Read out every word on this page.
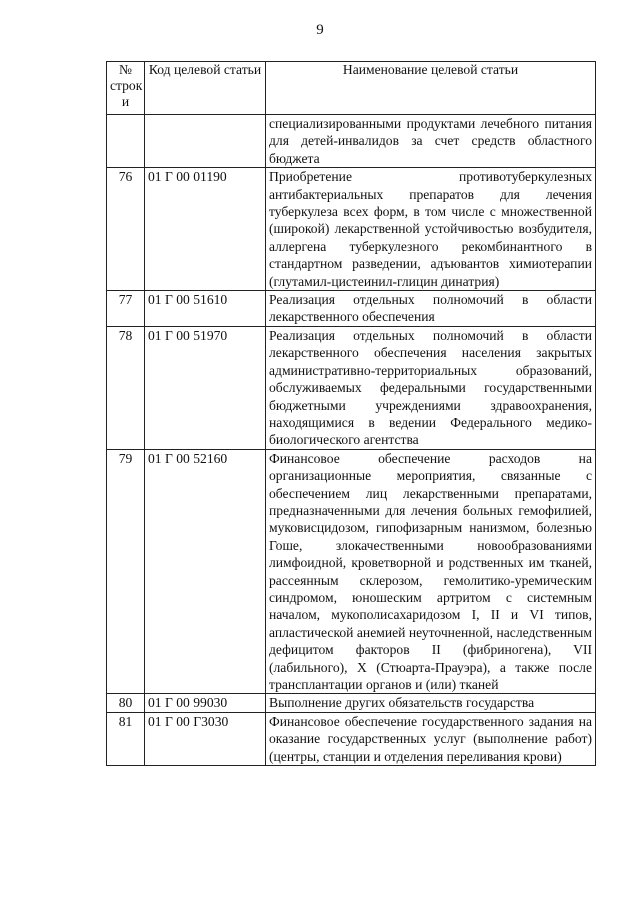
9
№ строк и	Код целевой статьи	Наименование целевой статьи
		специализированными продуктами лечебного питания для детей-инвалидов за счет средств областного бюджета
76	01 Г 00 01190	Приобретение противотуберкулезных антибактериальных препаратов для лечения туберкулеза всех форм, в том числе с множественной (широкой) лекарственной устойчивостью возбудителя, аллергена туберкулезного рекомбинантного в стандартном разведении, адъювантов химиотерапии (глутамил-цистеинил-глицин динатрия)
77	01 Г 00 51610	Реализация отдельных полномочий в области лекарственного обеспечения
78	01 Г 00 51970	Реализация отдельных полномочий в области лекарственного обеспечения населения закрытых административно-территориальных образований, обслуживаемых федеральными государственными бюджетными учреждениями здравоохранения, находящимися в ведении Федерального медико-биологического агентства
79	01 Г 00 52160	Финансовое обеспечение расходов на организационные мероприятия, связанные с обеспечением лиц лекарственными препаратами, предназначенными для лечения больных гемофилией, муковисцидозом, гипофизарным нанизмом, болезнью Гоше, злокачественными новообразованиями лимфоидной, кроветворной и родственных им тканей, рассеянным склерозом, гемолитико-уремическим синдромом, юношеским артритом с системным началом, мукополисахаридозом I, II и VI типов, апластической анемией неуточненной, наследственным дефицитом факторов II (фибриногена), VII (лабильного), X (Стюарта-Прауэра), а также после трансплантации органов и (или) тканей
80	01 Г 00 99030	Выполнение других обязательств государства
81	01 Г 00 Г3030	Финансовое обеспечение государственного задания на оказание государственных услуг (выполнение работ) (центры, станции и отделения переливания крови)
